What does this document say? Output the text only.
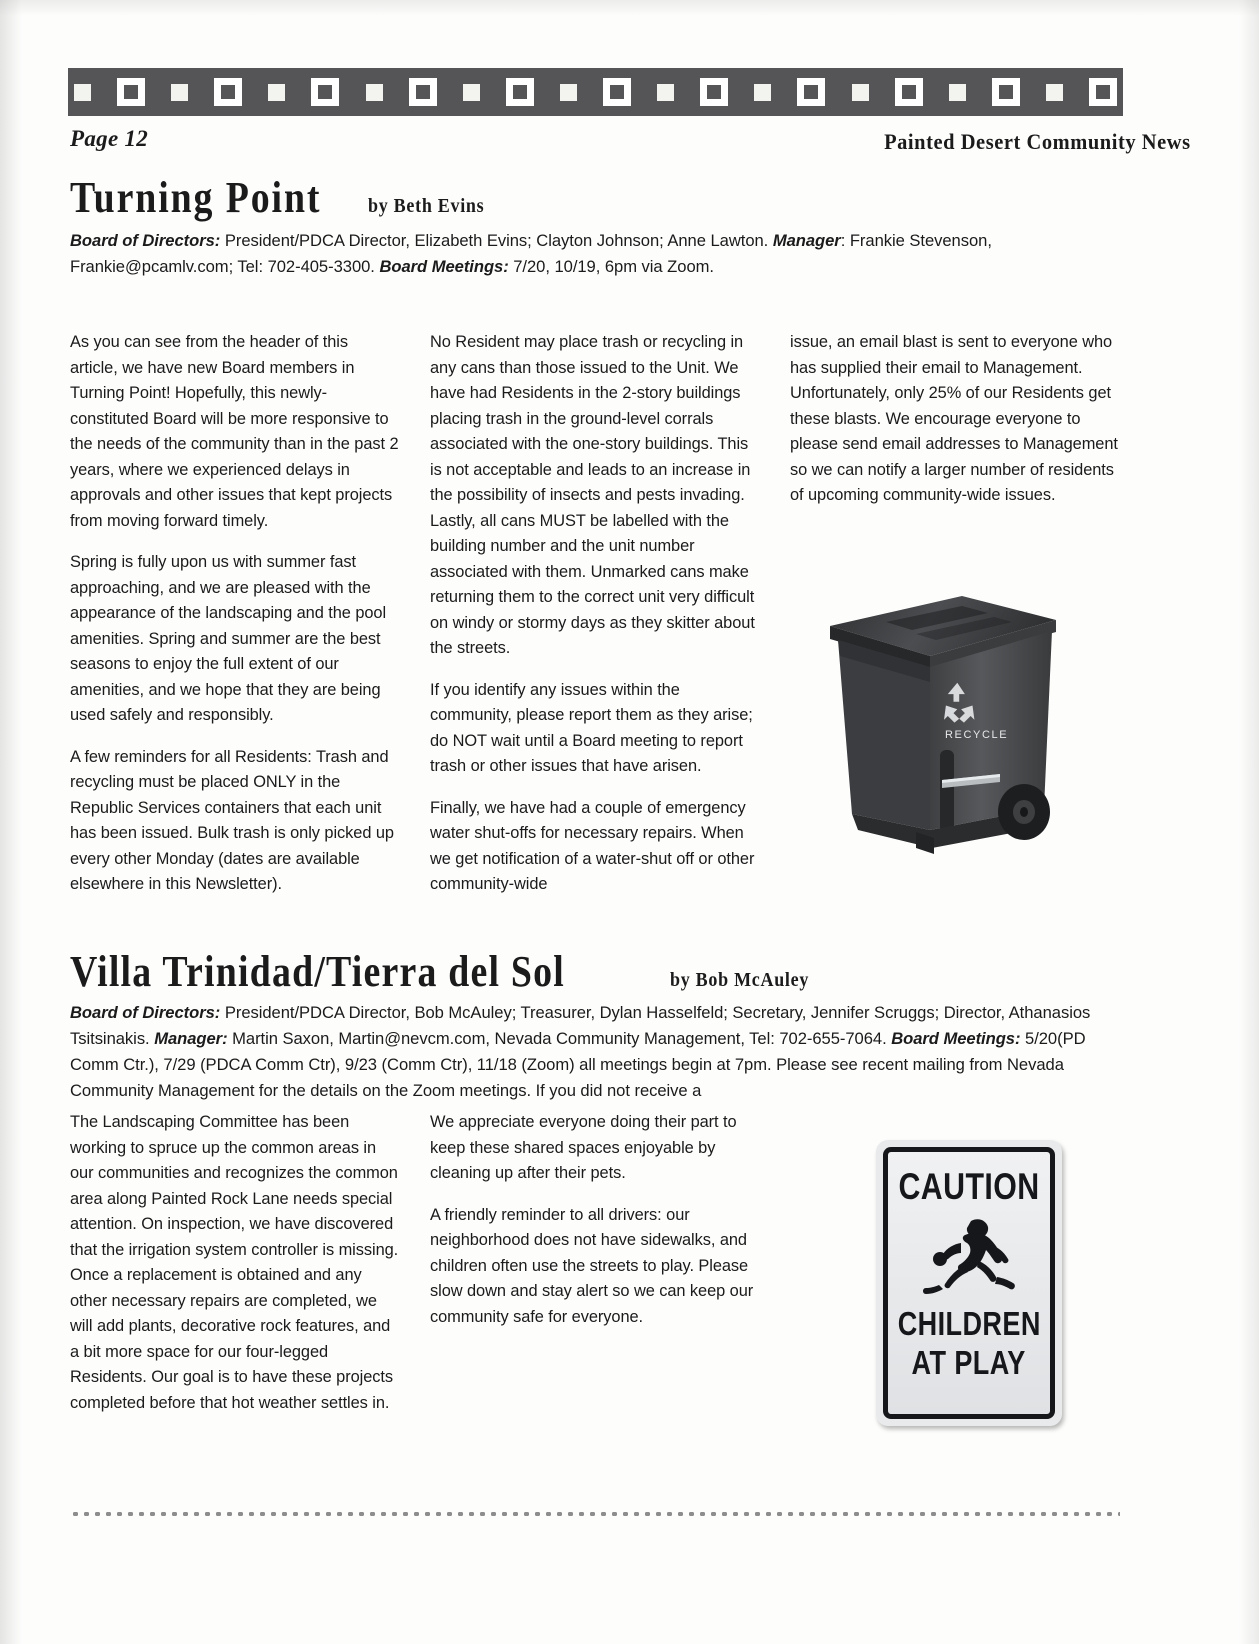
Page 12	Painted Desert Community News
Turning Point by Beth Evins
Board of Directors: President/PDCA Director, Elizabeth Evins; Clayton Johnson; Anne Lawton. Manager: Frankie Stevenson, Frankie@pcamlv.com; Tel: 702-405-3300. Board Meetings: 7/20, 10/19, 6pm via Zoom.

As you can see from the header of this article, we have new Board members in Turning Point! Hopefully, this newly-constituted Board will be more responsive to the needs of the community than in the past 2 years, where we experienced delays in approvals and other issues that kept projects from moving forward timely.

Spring is fully upon us with summer fast approaching, and we are pleased with the appearance of the landscaping and the pool amenities. Spring and summer are the best seasons to enjoy the full extent of our amenities, and we hope that they are being used safely and responsibly.

A few reminders for all Residents: Trash and recycling must be placed ONLY in the Republic Services containers that each unit has been issued. Bulk trash is only picked up every other Monday (dates are available elsewhere in this Newsletter).

No Resident may place trash or recycling in any cans than those issued to the Unit. We have had Residents in the 2-story buildings placing trash in the ground-level corrals associated with the one-story buildings. This is not acceptable and leads to an increase in the possibility of insects and pests invading. Lastly, all cans MUST be labelled with the building number and the unit number associated with them. Unmarked cans make returning them to the correct unit very difficult on windy or stormy days as they skitter about the streets.

If you identify any issues within the community, please report them as they arise; do NOT wait until a Board meeting to report trash or other issues that have arisen.

Finally, we have had a couple of emergency water shut-offs for necessary repairs. When we get notification of a water-shut off or other community-wide

issue, an email blast is sent to everyone who has supplied their email to Management. Unfortunately, only 25% of our Residents get these blasts. We encourage everyone to please send email addresses to Management so we can notify a larger number of residents of upcoming community-wide issues.

RECYCLE
Villa Trinidad/Tierra del Sol	by Bob McAuley
Board of Directors: President/PDCA Director, Bob McAuley; Treasurer, Dylan Hasselfeld; Secretary, Jennifer Scruggs; Director, Athanasios Tsitsinakis. Manager: Martin Saxon, Martin@nevcm.com, Nevada Community Management, Tel: 702-655-7064. Board Meetings: 5/20(PD Comm Ctr.), 7/29 (PDCA Comm Ctr), 9/23 (Comm Ctr), 11/18 (Zoom) all meetings begin at 7pm. Please see recent mailing from Nevada Community Management for the details on the Zoom meetings. If you did not receive a

The Landscaping Committee has been working to spruce up the common areas in our communities and recognizes the common area along Painted Rock Lane needs special attention. On inspection, we have discovered that the irrigation system controller is missing. Once a replacement is obtained and any other necessary repairs are completed, we will add plants, decorative rock features, and a bit more space for our four-legged Residents. Our goal is to have these projects completed before that hot weather settles in.

We appreciate everyone doing their part to keep these shared spaces enjoyable by cleaning up after their pets.

A friendly reminder to all drivers: our neighborhood does not have sidewalks, and children often use the streets to play. Please slow down and stay alert so we can keep our community safe for everyone.

CAUTION
CHILDREN
AT PLAY
